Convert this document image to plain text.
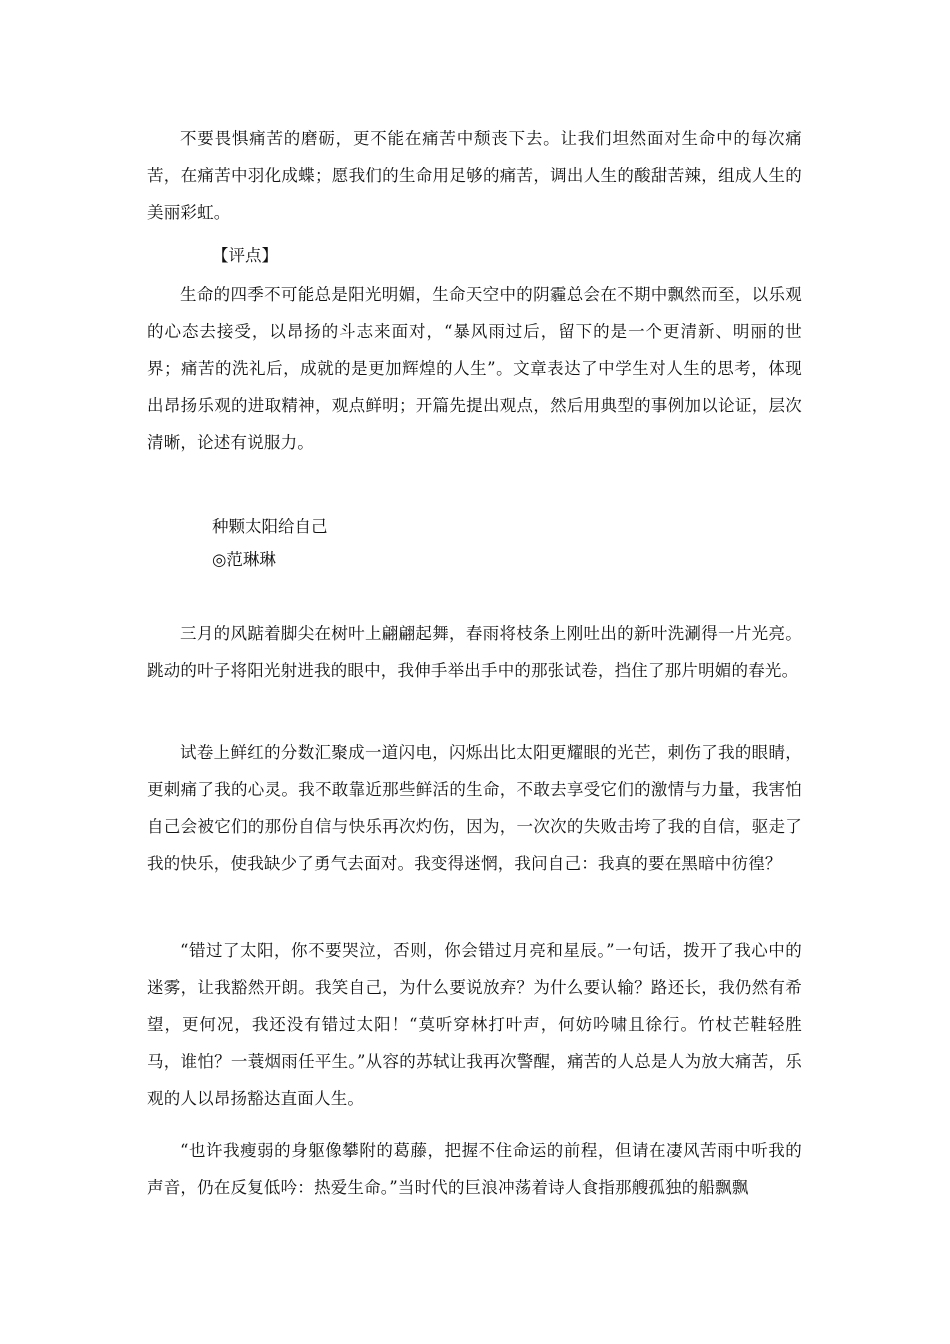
不要畏惧痛苦的磨砺，更不能在痛苦中颓丧下去。让我们坦然面对生命中的每次痛苦，在痛苦中羽化成蝶；愿我们的生命用足够的痛苦，调出人生的酸甜苦辣，组成人生的美丽彩虹。

【评点】

生命的四季不可能总是阳光明媚，生命天空中的阴霾总会在不期中飘然而至，以乐观的心态去接受，以昂扬的斗志来面对，“暴风雨过后，留下的是一个更清新、明丽的世界；痛苦的洗礼后，成就的是更加辉煌的人生”。文章表达了中学生对人生的思考，体现出昂扬乐观的进取精神，观点鲜明；开篇先提出观点，然后用典型的事例加以论证，层次清晰，论述有说服力。

种颗太阳给自己

◎范琳琳

三月的风踮着脚尖在树叶上翩翩起舞，春雨将枝条上刚吐出的新叶洗涮得一片光亮。跳动的叶子将阳光射进我的眼中，我伸手举出手中的那张试卷，挡住了那片明媚的春光。

试卷上鲜红的分数汇聚成一道闪电，闪烁出比太阳更耀眼的光芒，刺伤了我的眼睛，更刺痛了我的心灵。我不敢靠近那些鲜活的生命，不敢去享受它们的激情与力量，我害怕自己会被它们的那份自信与快乐再次灼伤，因为，一次次的失败击垮了我的自信，驱走了我的快乐，使我缺少了勇气去面对。我变得迷惘，我问自己：我真的要在黑暗中彷徨？

“错过了太阳，你不要哭泣，否则，你会错过月亮和星辰。”一句话，拨开了我心中的迷雾，让我豁然开朗。我笑自己，为什么要说放弃？为什么要认输？路还长，我仍然有希望，更何况，我还没有错过太阳！“莫听穿林打叶声，何妨吟啸且徐行。竹杖芒鞋轻胜马，谁怕？一蓑烟雨任平生。”从容的苏轼让我再次警醒，痛苦的人总是人为放大痛苦，乐观的人以昂扬豁达直面人生。

“也许我瘦弱的身躯像攀附的葛藤，把握不住命运的前程，但请在凄风苦雨中听我的声音，仍在反复低吟：热爱生命。”当时代的巨浪冲荡着诗人食指那艘孤独的船飘飘
